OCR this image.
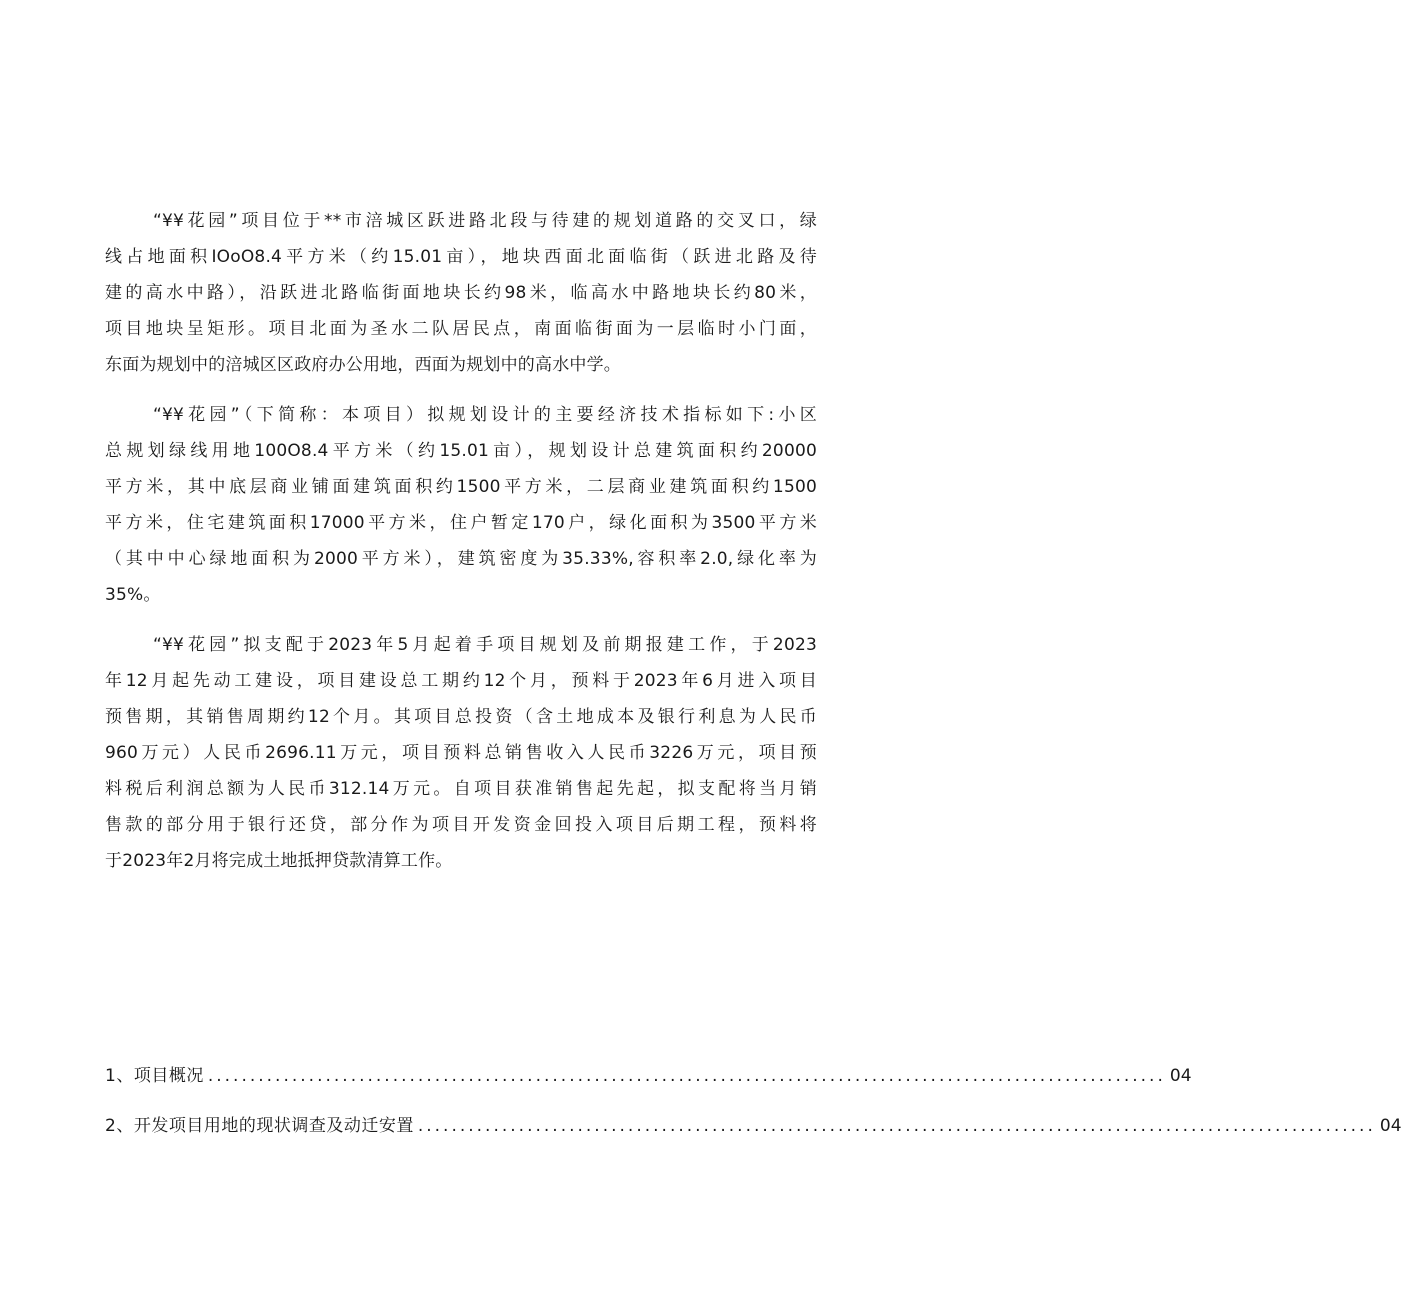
“¥¥花园”项目位于**市涪城区跃进路北段与待建的规划道路的交叉口，绿
线占地面积IOoO8.4平方米（约15.01亩），地块西面北面临街（跃进北路及待
建的高水中路），沿跃进北路临街面地块长约98米，临高水中路地块长约80米，
项目地块呈矩形。项目北面为圣水二队居民点，南面临街面为一层临时小门面，
东面为规划中的涪城区区政府办公用地，西面为规划中的高水中学。
“¥¥花园”（下简称：本项目）拟规划设计的主要经济技术指标如下:小区
总规划绿线用地100O8.4平方米（约15.01亩），规划设计总建筑面积约20000
平方米，其中底层商业铺面建筑面积约1500平方米，二层商业建筑面积约1500
平方米，住宅建筑面积17000平方米，住户暂定170户，绿化面积为3500平方米
（其中中心绿地面积为2000平方米），建筑密度为35.33%,容积率2.0,绿化率为
35%。
“¥¥花园”拟支配于2023年5月起着手项目规划及前期报建工作，于2023
年12月起先动工建设，项目建设总工期约12个月，预料于2023年6月进入项目
预售期，其销售周期约12个月。其项目总投资（含土地成本及银行利息为人民币
960万元）人民币2696.11万元，项目预料总销售收入人民币3226万元，项目预
料税后利润总额为人民币312.14万元。自项目获准销售起先起，拟支配将当月销
售款的部分用于银行还贷，部分作为项目开发资金回投入项目后期工程，预料将
于2023年2月将完成土地抵押贷款清算工作。
1、项目概况 .................................................................................................................. 04
2、开发项目用地的现状调查及动迁安置 .................................................................................................................. 04
